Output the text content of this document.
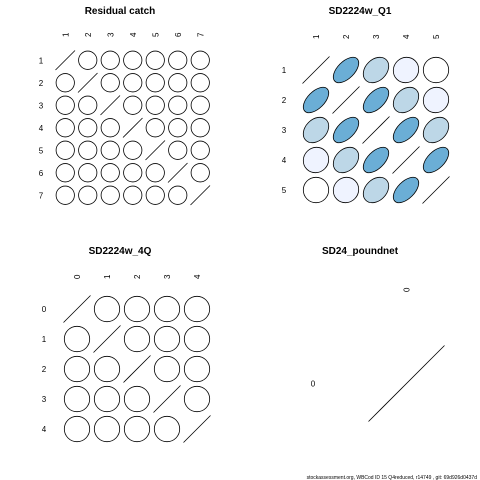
stockassessment.org, WBCod ID 15 Q4reduced, r14749 , git: 69d926d0437d
Residual catch
1 2 3 4 5 6 7
1
2
3
4
5
6
7
SD2224w_Q1
1	2	3	4	5
1
2
3
4
5
SD2224w_4Q
0	1	2	3	4
0
1
2
3
4
SD24_poundnet
0
0
